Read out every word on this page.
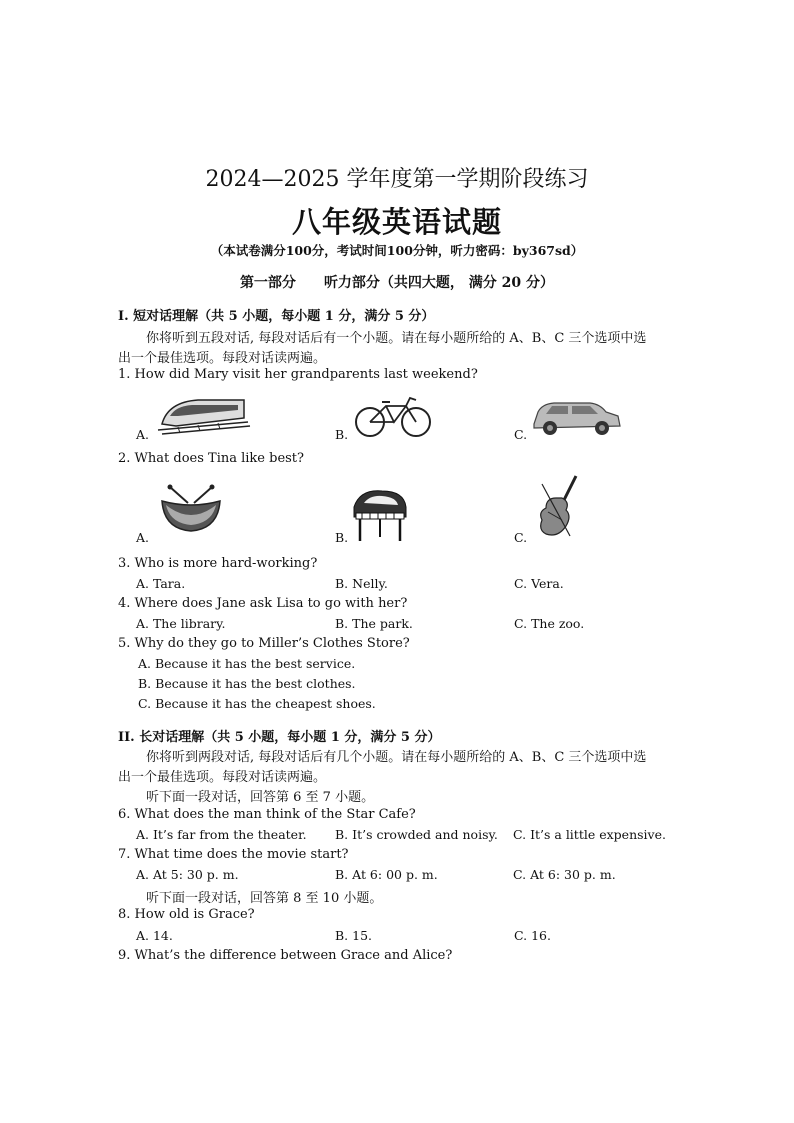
2024—2025 学年度第一学期阶段练习
八年级英语试题
（本试卷满分100分，考试时间100分钟，听力密码：by367sd）
第一部分 听力部分（共四大题， 满分 20 分）
I. 短对话理解（共 5 小题，每小题 1 分，满分 5 分）
你将听到五段对话, 每段对话后有一个小题。请在每小题所给的 A、B、C 三个选项中选
出一个最佳选项。每段对话读两遍。
1. How did Mary visit her grandparents last weekend?
A.	B.	C.
2. What does Tina like best?
A.	B.	C.
3. Who is more hard-working?
A. Tara.	B. Nelly.	C. Vera.
4. Where does Jane ask Lisa to go with her?
A. The library.	B. The park.	C. The zoo.
5. Why do they go to Miller’s Clothes Store?
A. Because it has the best service.
B. Because it has the best clothes.
C. Because it has the cheapest shoes.
II. 长对话理解（共 5 小题，每小题 1 分，满分 5 分）
你将听到两段对话, 每段对话后有几个小题。请在每小题所给的 A、B、C 三个选项中选
出一个最佳选项。每段对话读两遍。
听下面一段对话，回答第 6 至 7 小题。
6. What does the man think of the Star Cafe?
A. It’s far from the theater. B. It’s crowded and noisy. C. It’s a little expensive.
7. What time does the movie start?
A. At 5: 30 p. m.	B. At 6: 00 p. m.	C. At 6: 30 p. m.
听下面一段对话，回答第 8 至 10 小题。
8. How old is Grace?
A. 14.	B. 15.	C. 16.
9. What’s the difference between Grace and Alice?
